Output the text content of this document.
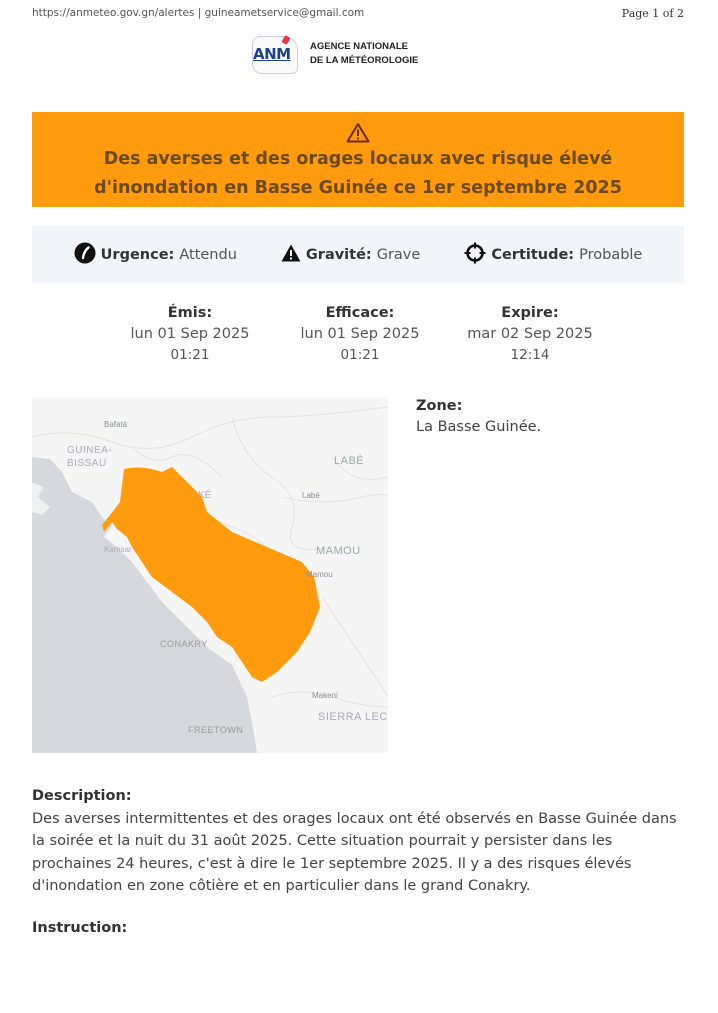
https://anmeteo.gov.gn/alertes | guineametservice@gmail.com	Page 1 of 2
ANM AGENCE NATIONALE
DE LA MÉTÉOROLOGIE
Des averses et des orages locaux avec risque élevé
d'inondation en Basse Guinée ce 1er septembre 2025
Urgence: Attendu	Gravité: Grave	Certitude: Probable
Émis:
lun 01 Sep 2025
01:21
Efficace:
lun 01 Sep 2025
01:21
Expire:
mar 02 Sep 2025
12:14
Bafatá
GUINEA-
BISSAU
KÉ
LABÉ
Labé
MAMOU
Mamou
Kamsar
CONAKRY
Makeni
SIERRA LEC
FREETOWN
Zone:
La Basse Guinée.
Description:
Des averses intermittentes et des orages locaux ont été observés en Basse Guinée dans la soirée et la nuit du 31 août 2025. Cette situation pourrait y persister dans les prochaines 24 heures, c'est à dire le 1er septembre 2025. Il y a des risques élevés d'inondation en zone côtière et en particulier dans le grand Conakry.
Instruction:
